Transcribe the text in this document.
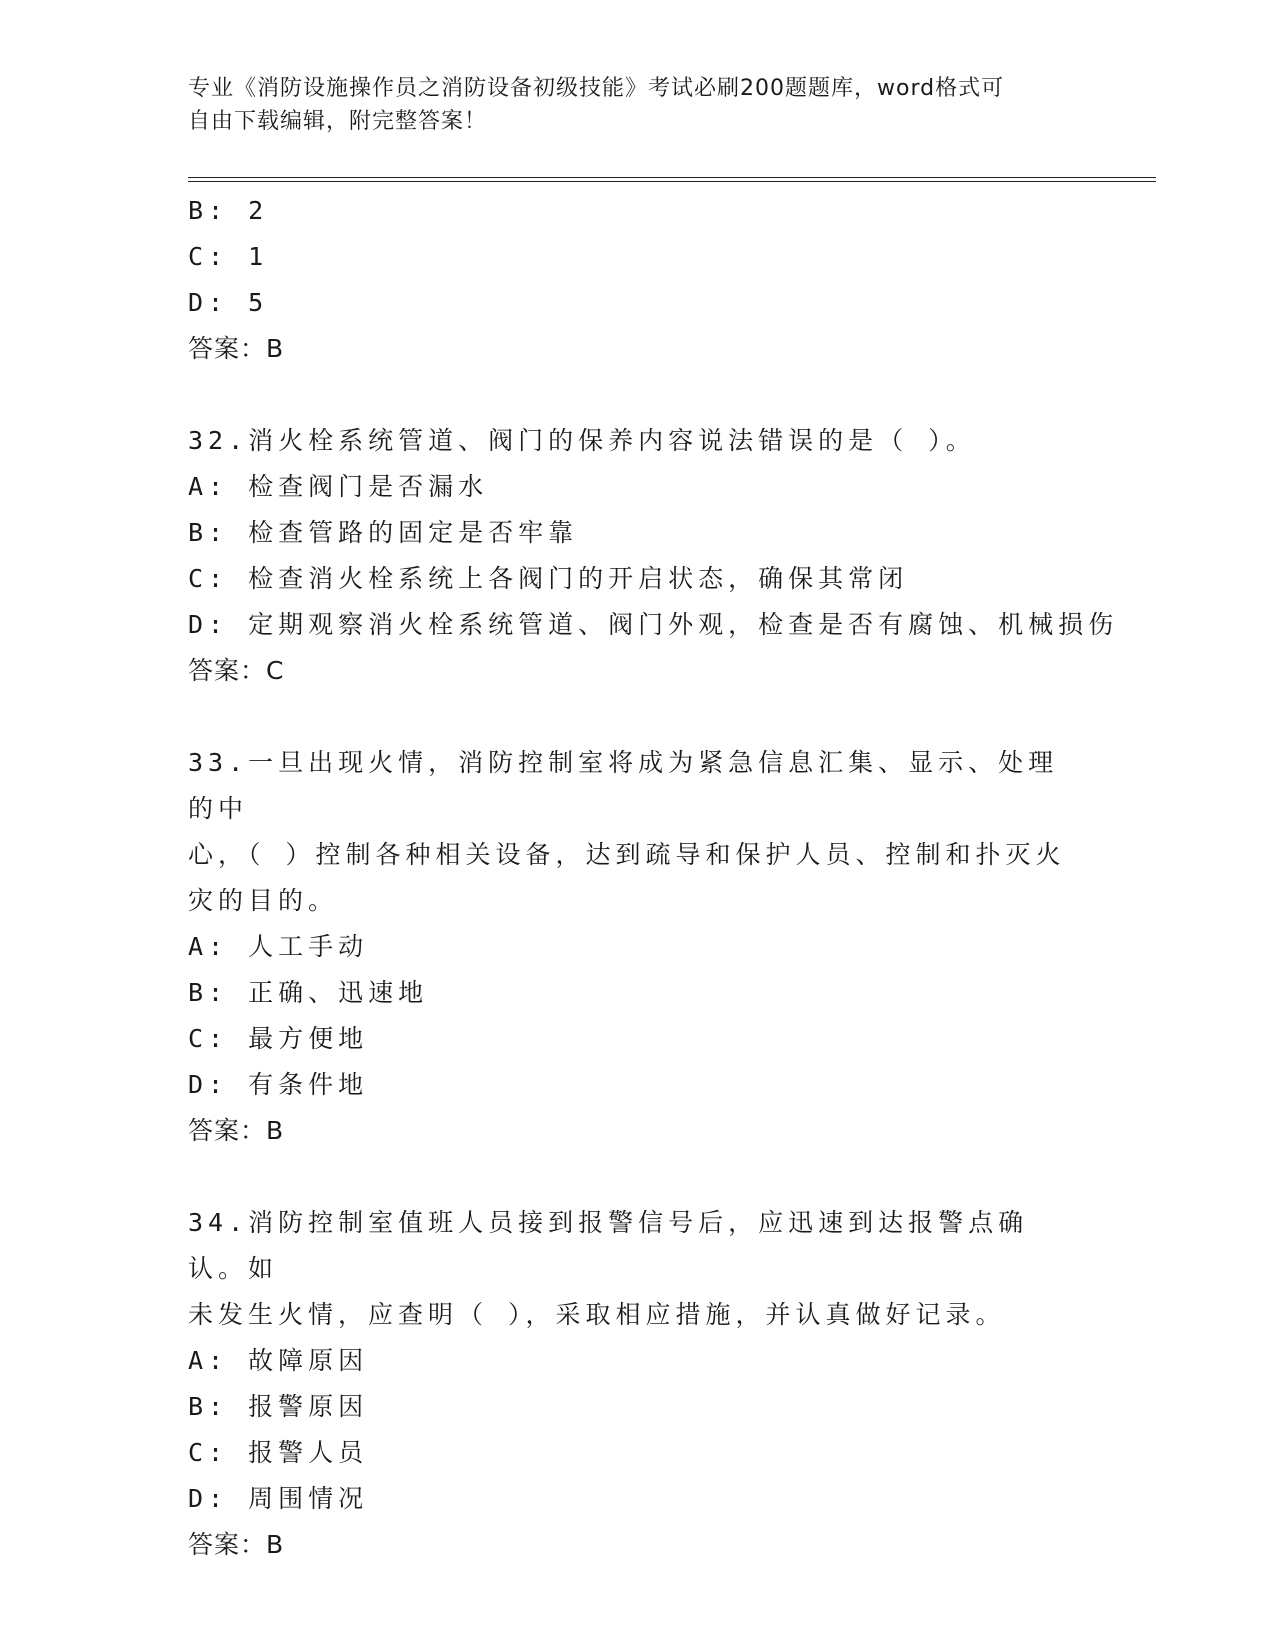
专业《消防设施操作员之消防设备初级技能》考试必刷200题题库，word格式可
自由下载编辑，附完整答案！
B: 2
C: 1
D: 5
答案：B
32.消火栓系统管道、阀门的保养内容说法错误的是（ ）。
A: 检查阀门是否漏水
B: 检查管路的固定是否牢靠
C: 检查消火栓系统上各阀门的开启状态，确保其常闭
D: 定期观察消火栓系统管道、阀门外观，检查是否有腐蚀、机械损伤
答案：C
33.一旦出现火情，消防控制室将成为紧急信息汇集、显示、处理的中
心，（ ）控制各种相关设备，达到疏导和保护人员、控制和扑灭火
灾的目的。
A: 人工手动
B: 正确、迅速地
C: 最方便地
D: 有条件地
答案：B
34.消防控制室值班人员接到报警信号后，应迅速到达报警点确认。如
未发生火情，应查明（ ），采取相应措施，并认真做好记录。
A: 故障原因
B: 报警原因
C: 报警人员
D: 周围情况
答案：B
